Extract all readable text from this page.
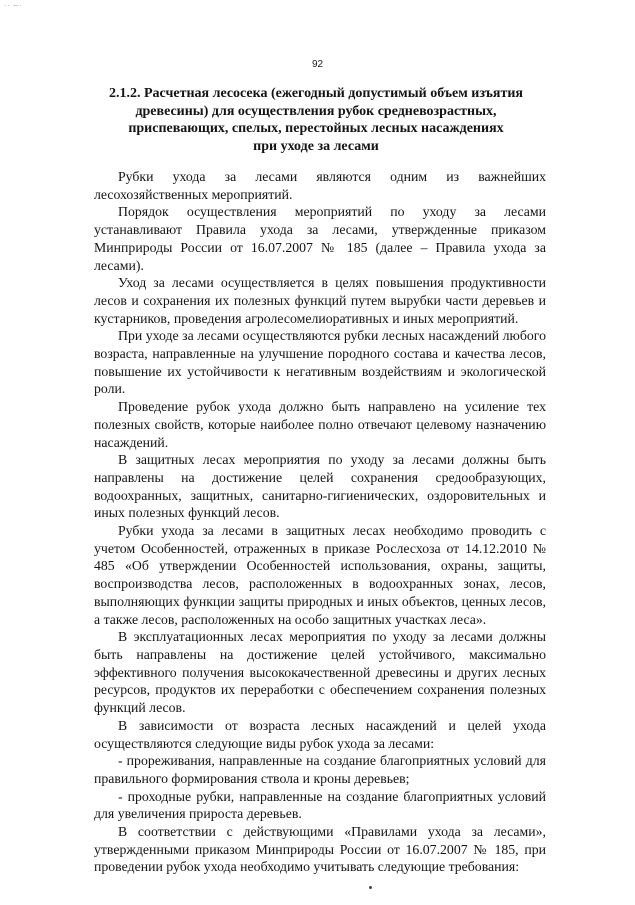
·· ─·
92
2.1.2. Расчетная лесосека (ежегодный допустимый объем изъятия
древесины) для осуществления рубок средневозрастных,
приспевающих, спелых, перестойных лесных насаждениях
при уходе за лесами

Рубки ухода за лесами являются одним из важнейших лесохозяйственных мероприятий.

Порядок осуществления мероприятий по уходу за лесами устанавливают Правила ухода за лесами, утвержденные приказом Минприроды России от 16.07.2007 № 185 (далее – Правила ухода за лесами).

Уход за лесами осуществляется в целях повышения продуктивности лесов и сохранения их полезных функций путем вырубки части деревьев и кустарников, проведения агролесомелиоративных и иных мероприятий.

При уходе за лесами осуществляются рубки лесных насаждений любого возраста, направленные на улучшение породного состава и качества лесов, повышение их устойчивости к негативным воздействиям и экологической роли.

Проведение рубок ухода должно быть направлено на усиление тех полезных свойств, которые наиболее полно отвечают целевому назначению насаждений.

В защитных лесах мероприятия по уходу за лесами должны быть направлены на достижение целей сохранения средообразующих, водоохранных, защитных, санитарно-гигиенических, оздоровительных и иных полезных функций лесов.

Рубки ухода за лесами в защитных лесах необходимо проводить с учетом Особенностей, отраженных в приказе Рослесхоза от 14.12.2010 № 485 «Об утверждении Особенностей использования, охраны, защиты, воспроизводства лесов, расположенных в водоохранных зонах, лесов, выполняющих функции защиты природных и иных объектов, ценных лесов, а также лесов, расположенных на особо защитных участках леса».

В эксплуатационных лесах мероприятия по уходу за лесами должны быть направлены на достижение целей устойчивого, максимально эффективного получения высококачественной древесины и других лесных ресурсов, продуктов их переработки с обеспечением сохранения полезных функций лесов.

В зависимости от возраста лесных насаждений и целей ухода осуществляются следующие виды рубок ухода за лесами:

- прореживания, направленные на создание благоприятных условий для правильного формирования ствола и кроны деревьев;

- проходные рубки, направленные на создание благоприятных условий для увеличения прироста деревьев.

В соответствии с действующими «Правилами ухода за лесами», утвержденными приказом Минприроды России от 16.07.2007 № 185, при проведении рубок ухода необходимо учитывать следующие требования:
